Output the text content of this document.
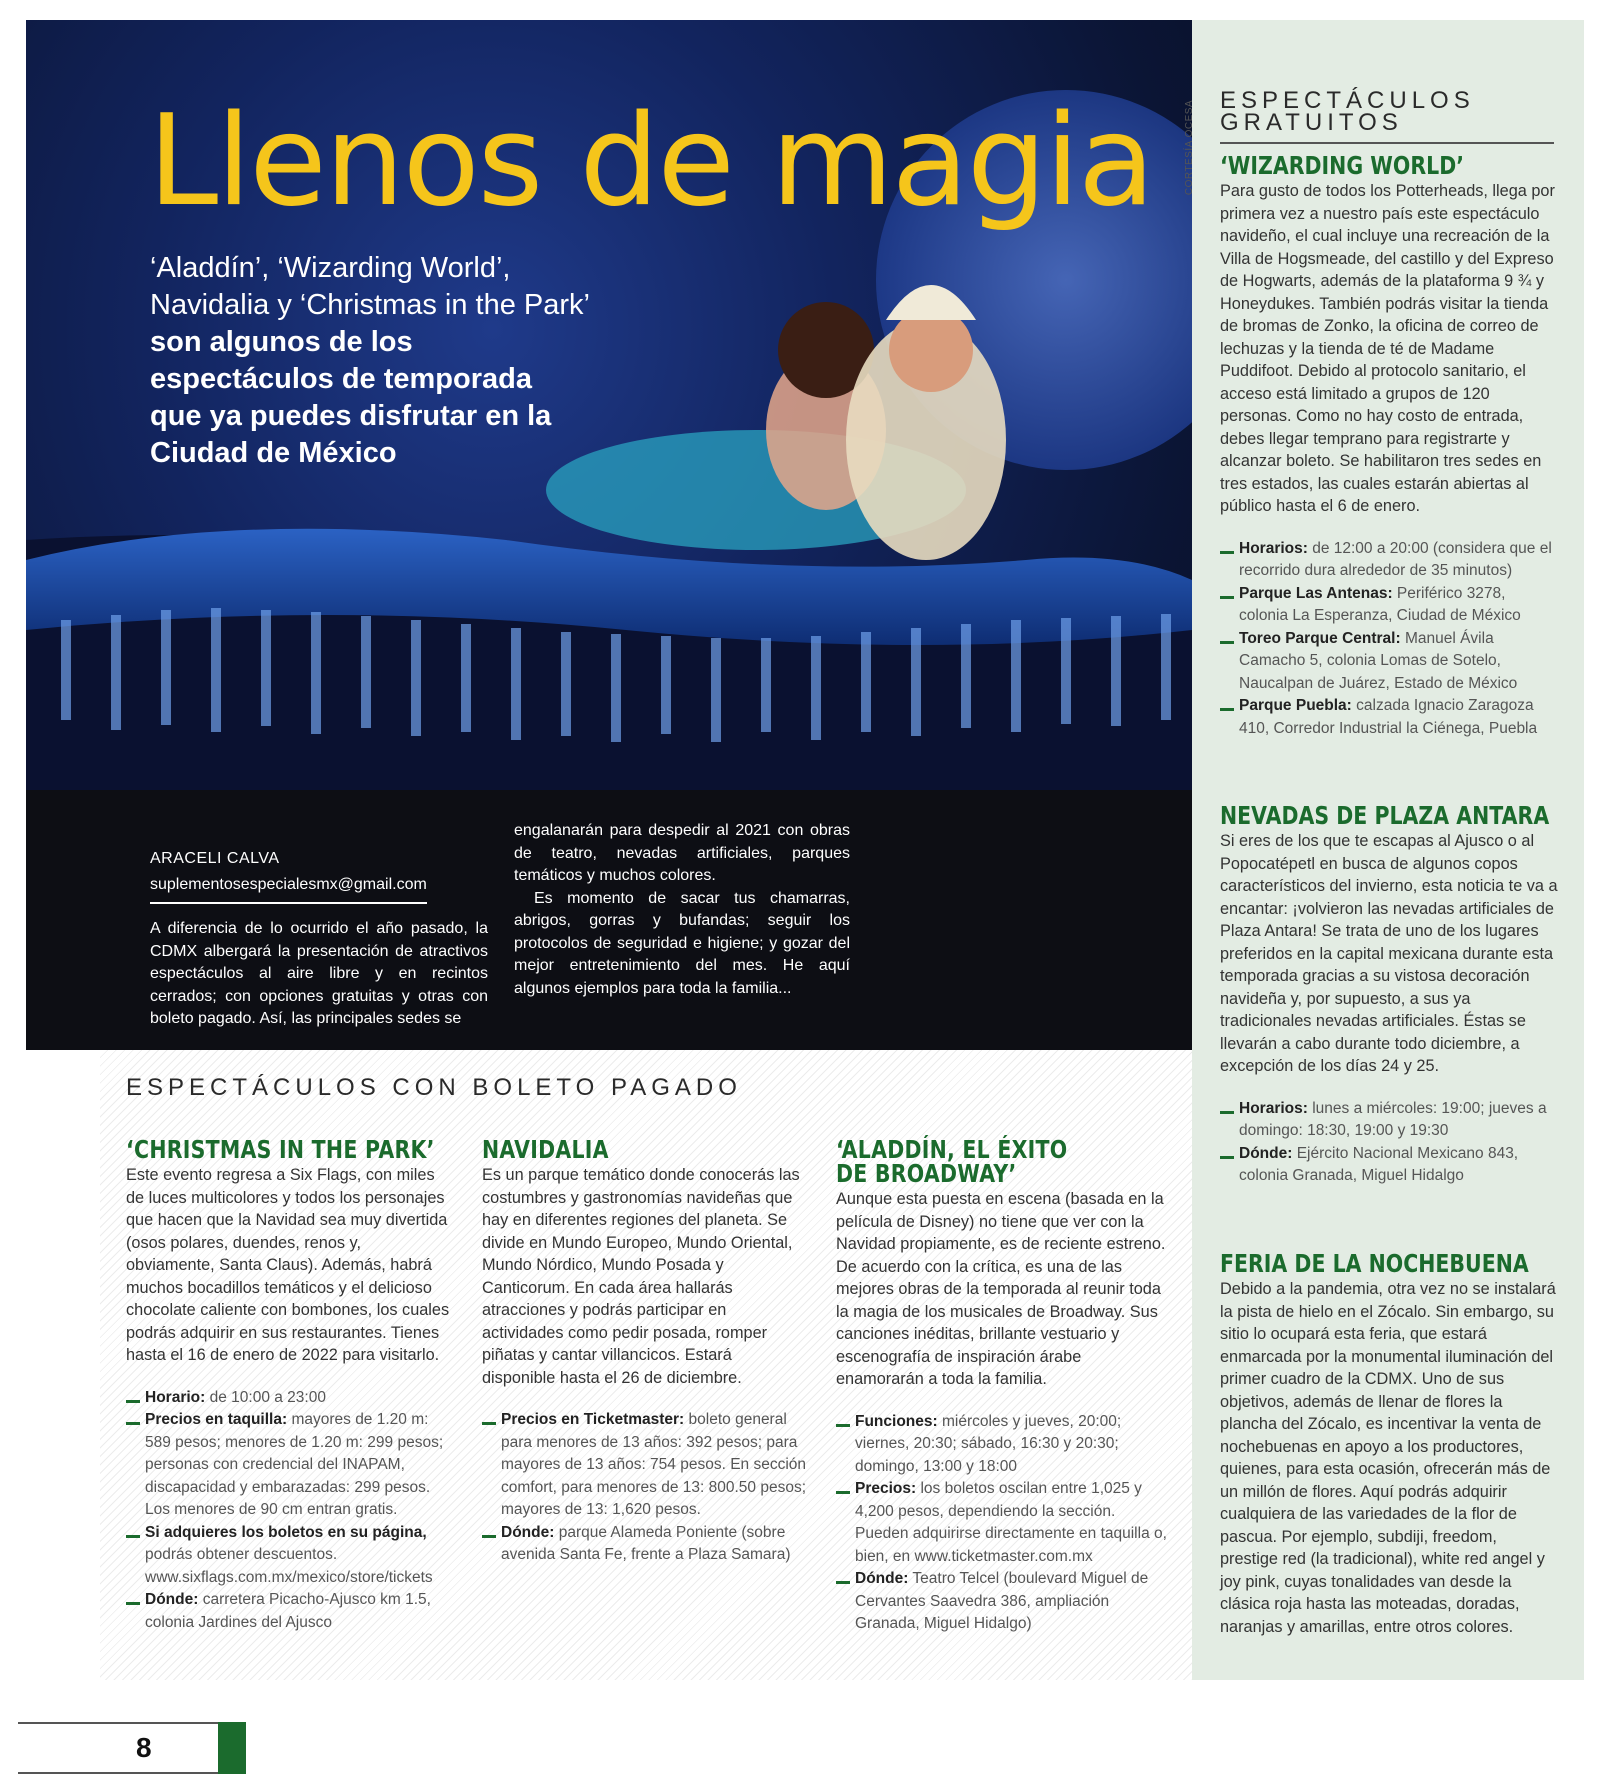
Llenos de magia
‘Aladdín’, ‘Wizarding World’, Navidalia y ‘Christmas in the Park’ son algunos de los espectáculos de temporada que ya puedes disfrutar en la Ciudad de México
ARACELI CALVA
suplementosespecialesmx@gmail.com

A diferencia de lo ocurrido el año pasado, la CDMX albergará la presentación de atractivos espectáculos al aire libre y en recintos cerrados; con opciones gratuitas y otras con boleto pagado. Así, las principales sedes se

engalanarán para despedir al 2021 con obras de teatro, nevadas artificiales, parques temáticos y muchos colores.

Es momento de sacar tus chamarras, abrigos, gorras y bufandas; seguir los protocolos de seguridad e higiene; y gozar del mejor entretenimiento del mes. He aquí algunos ejemplos para toda la familia...

ESPECTÁCULOS GRATUITOS
‘WIZARDING WORLD’

Para gusto de todos los Potterheads, llega por primera vez a nuestro país este espectáculo navideño, el cual incluye una recreación de la Villa de Hogsmeade, del castillo y del Expreso de Hogwarts, además de la plataforma 9 ¾ y Honeydukes. También podrás visitar la tienda de bromas de Zonko, la oficina de correo de lechuzas y la tienda de té de Madame Puddifoot. Debido al protocolo sanitario, el acceso está limitado a grupos de 120 personas. Como no hay costo de entrada, debes llegar temprano para registrarte y alcanzar boleto. Se habilitaron tres sedes en tres estados, las cuales estarán abiertas al público hasta el 6 de enero.

Horarios: de 12:00 a 20:00 (considera que el recorrido dura alrededor de 35 minutos)
Parque Las Antenas: Periférico 3278, colonia La Esperanza, Ciudad de México
Toreo Parque Central: Manuel Ávila Camacho 5, colonia Lomas de Sotelo, Naucalpan de Juárez, Estado de México
Parque Puebla: calzada Ignacio Zaragoza 410, Corredor Industrial la Ciénega, Puebla
NEVADAS DE PLAZA ANTARA

Si eres de los que te escapas al Ajusco o al Popocatépetl en busca de algunos copos característicos del invierno, esta noticia te va a encantar: ¡volvieron las nevadas artificiales de Plaza Antara! Se trata de uno de los lugares preferidos en la capital mexicana durante esta temporada gracias a su vistosa decoración navideña y, por supuesto, a sus ya tradicionales nevadas artificiales. Éstas se llevarán a cabo durante todo diciembre, a excepción de los días 24 y 25.

Horarios: lunes a miércoles: 19:00; jueves a domingo: 18:30, 19:00 y 19:30
Dónde: Ejército Nacional Mexicano 843, colonia Granada, Miguel Hidalgo
FERIA DE LA NOCHEBUENA

Debido a la pandemia, otra vez no se instalará la pista de hielo en el Zócalo. Sin embargo, su sitio lo ocupará esta feria, que estará enmarcada por la monumental iluminación del primer cuadro de la CDMX. Uno de sus objetivos, además de llenar de flores la plancha del Zócalo, es incentivar la venta de nochebuenas en apoyo a los productores, quienes, para esta ocasión, ofrecerán más de un millón de flores. Aquí podrás adquirir cualquiera de las variedades de la flor de pascua. Por ejemplo, subdiji, freedom, prestige red (la tradicional), white red angel y joy pink, cuyas tonalidades van desde la clásica roja hasta las moteadas, doradas, naranjas y amarillas, entre otros colores.

CORTESÍA OCESA
ESPECTÁCULOS CON BOLETO PAGADO
‘CHRISTMAS IN THE PARK’

Este evento regresa a Six Flags, con miles de luces multicolores y todos los personajes que hacen que la Navidad sea muy divertida (osos polares, duendes, renos y, obviamente, Santa Claus). Además, habrá muchos bocadillos temáticos y el delicioso chocolate caliente con bombones, los cuales podrás adquirir en sus restaurantes. Tienes hasta el 16 de enero de 2022 para visitarlo.

Horario: de 10:00 a 23:00
Precios en taquilla: mayores de 1.20 m: 589 pesos; menores de 1.20 m: 299 pesos; personas con credencial del INAPAM, discapacidad y embarazadas: 299 pesos. Los menores de 90 cm entran gratis.
Si adquieres los boletos en su página, podrás obtener descuentos. www.sixflags.com.mx/mexico/store/tickets
Dónde: carretera Picacho-Ajusco km 1.5, colonia Jardines del Ajusco
NAVIDALIA

Es un parque temático donde conocerás las costumbres y gastronomías navideñas que hay en diferentes regiones del planeta. Se divide en Mundo Europeo, Mundo Oriental, Mundo Nórdico, Mundo Posada y Canticorum. En cada área hallarás atracciones y podrás participar en actividades como pedir posada, romper piñatas y cantar villancicos. Estará disponible hasta el 26 de diciembre.

Precios en Ticketmaster: boleto general para menores de 13 años: 392 pesos; para mayores de 13 años: 754 pesos. En sección comfort, para menores de 13: 800.50 pesos; mayores de 13: 1,620 pesos.
Dónde: parque Alameda Poniente (sobre avenida Santa Fe, frente a Plaza Samara)
‘ALADDÍN, EL ÉXITO
DE BROADWAY’

Aunque esta puesta en escena (basada en la película de Disney) no tiene que ver con la Navidad propiamente, es de reciente estreno. De acuerdo con la crítica, es una de las mejores obras de la temporada al reunir toda la magia de los musicales de Broadway. Sus canciones inéditas, brillante vestuario y escenografía de inspiración árabe enamorarán a toda la familia.

Funciones: miércoles y jueves, 20:00; viernes, 20:30; sábado, 16:30 y 20:30; domingo, 13:00 y 18:00
Precios: los boletos oscilan entre 1,025 y 4,200 pesos, dependiendo la sección. Pueden adquirirse directamente en taquilla o, bien, en www.ticketmaster.com.mx
Dónde: Teatro Telcel (boulevard Miguel de Cervantes Saavedra 386, ampliación Granada, Miguel Hidalgo)
8
